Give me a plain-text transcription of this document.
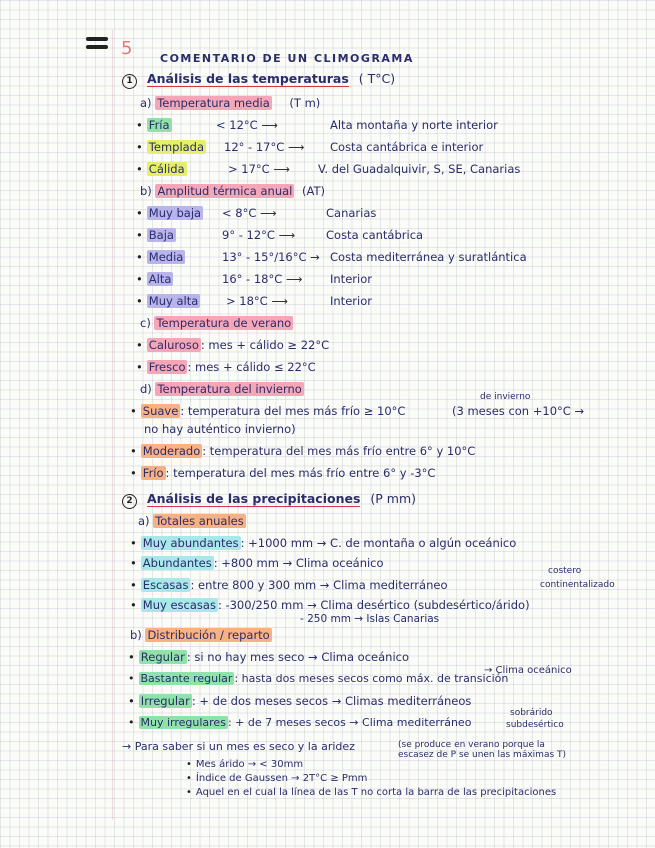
5	COMENTARIO DE UN CLIMOGRAMA
1 Análisis de las temperaturas ( T°C)
a) Temperatura media (T m)
• Fría	< 12°C ⟶	Alta montaña y norte interior
• Templada 12° - 17°C ⟶ Costa cantábrica e interior
• Cálida	> 17°C ⟶ V. del Guadalquivir, S, SE, Canarias
b) Amplitud térmica anual (AT)
• Muy baja < 8°C ⟶	Canarias
• Baja	9° - 12°C ⟶	Costa cantábrica
• Media	13° - 15°/16°C → Costa mediterránea y suratlántica
• Alta	16° - 18°C ⟶ Interior
• Muy alta > 18°C ⟶	Interior
c) Temperatura de verano
• Caluroso : mes + cálido ≥ 22°C
• Fresco : mes + cálido ≤ 22°C
d) Temperatura del invierno
• Suave : temperatura del mes más frío ≥ 10°C
de invierno
(3 meses con +10°C →
no hay auténtico invierno)
• Moderado : temperatura del mes más frío entre 6° y 10°C
• Frío : temperatura del mes más frío entre 6° y -3°C
2 Análisis de las precipitaciones (P mm)
a) Totales anuales
• Muy abundantes : +1000 mm → C. de montaña o algún oceánico
• Abundantes : +800 mm → Clima oceánico
• Escasas : entre 800 y 300 mm → Clima mediterráneo
costero
continentalizado
• Muy escasas : -300/250 mm → Clima desértico (subdesértico/árido)
- 250 mm → Islas Canarias
b) Distribución / reparto
• Regular : si no hay mes seco → Clima oceánico
→ Clima oceánico
• Bastante regular : hasta dos meses secos como máx. de transición
• Irregular : + de dos meses secos → Climas mediterráneos
sobrárido
subdesértico
• Muy irregulares : + de 7 meses secos → Clima mediterráneo
→ Para saber si un mes es seco y la aridez	(se produce en verano porque la escasez de P se unen las máximas T)
• Mes árido → < 30mm
• Índice de Gaussen → 2T°C ≥ Pmm
• Aquel en el cual la línea de las T no corta la barra de las precipitaciones
